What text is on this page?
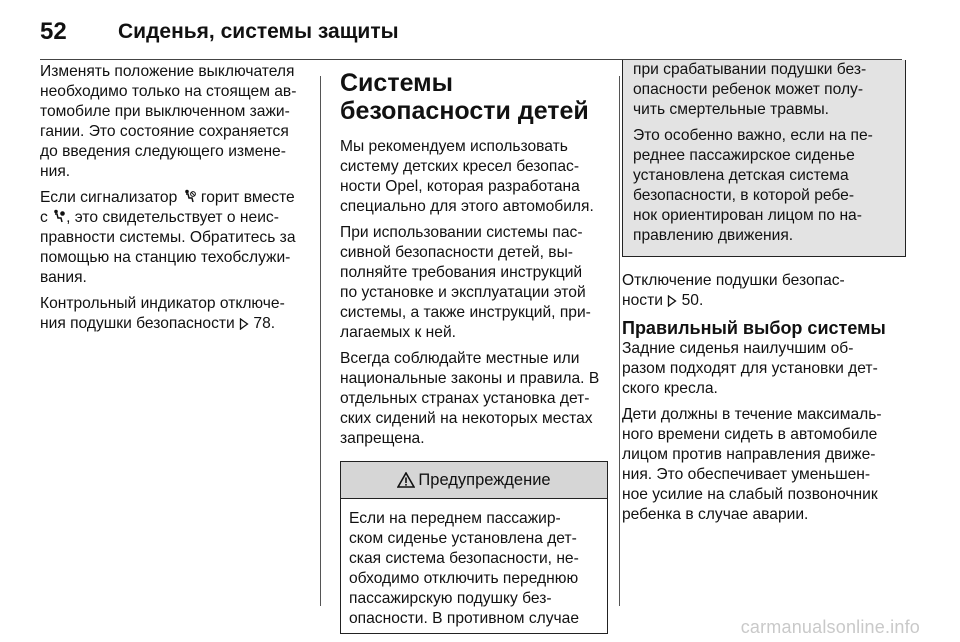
52 Сиденья, системы защиты

Изменять положение выключателя
необходимо только на стоящем ав-
томобиле при выключенном зажи-
гании. Это состояние сохраняется
до введения следующего измене-
ния.

Если сигнализатор  горит вместе
с , это свидетельствует о неис-
правности системы. Обратитесь за
помощью на станцию техобслужи-
вания.

Контрольный индикатор отключе-
ния подушки безопасности  78.

Системы
безопасности детей

Мы рекомендуем использовать
систему детских кресел безопас-
ности Opel, которая разработана
специально для этого автомобиля.

При использовании системы пас-
сивной безопасности детей, вы-
полняйте требования инструкций
по установке и эксплуатации этой
системы, а также инструкций, при-
лагаемых к ней.

Всегда соблюдайте местные или
национальные законы и правила. В
отдельных странах установка дет-
ских сидений на некоторых местах
запрещена.

Предупреждение
Если на переднем пассажир-
ском сиденье установлена дет-
ская система безопасности, не-
обходимо отключить переднюю
пассажирскую подушку без-
опасности. В противном случае

при срабатывании подушки без-
опасности ребенок может полу-
чить смертельные травмы.

Это особенно важно, если на пе-
реднее пассажирское сиденье
установлена детская система
безопасности, в которой ребе-
нок ориентирован лицом по на-
правлению движения.

Отключение подушки безопас-
ности  50.

Правильный выбор системы

Задние сиденья наилучшим об-
разом подходят для установки дет-
ского кресла.

Дети должны в течение максималь-
ного времени сидеть в автомобиле
лицом против направления движе-
ния. Это обеспечивает уменьшен-
ное усилие на слабый позвоночник
ребенка в случае аварии.

carmanualsonline.info
